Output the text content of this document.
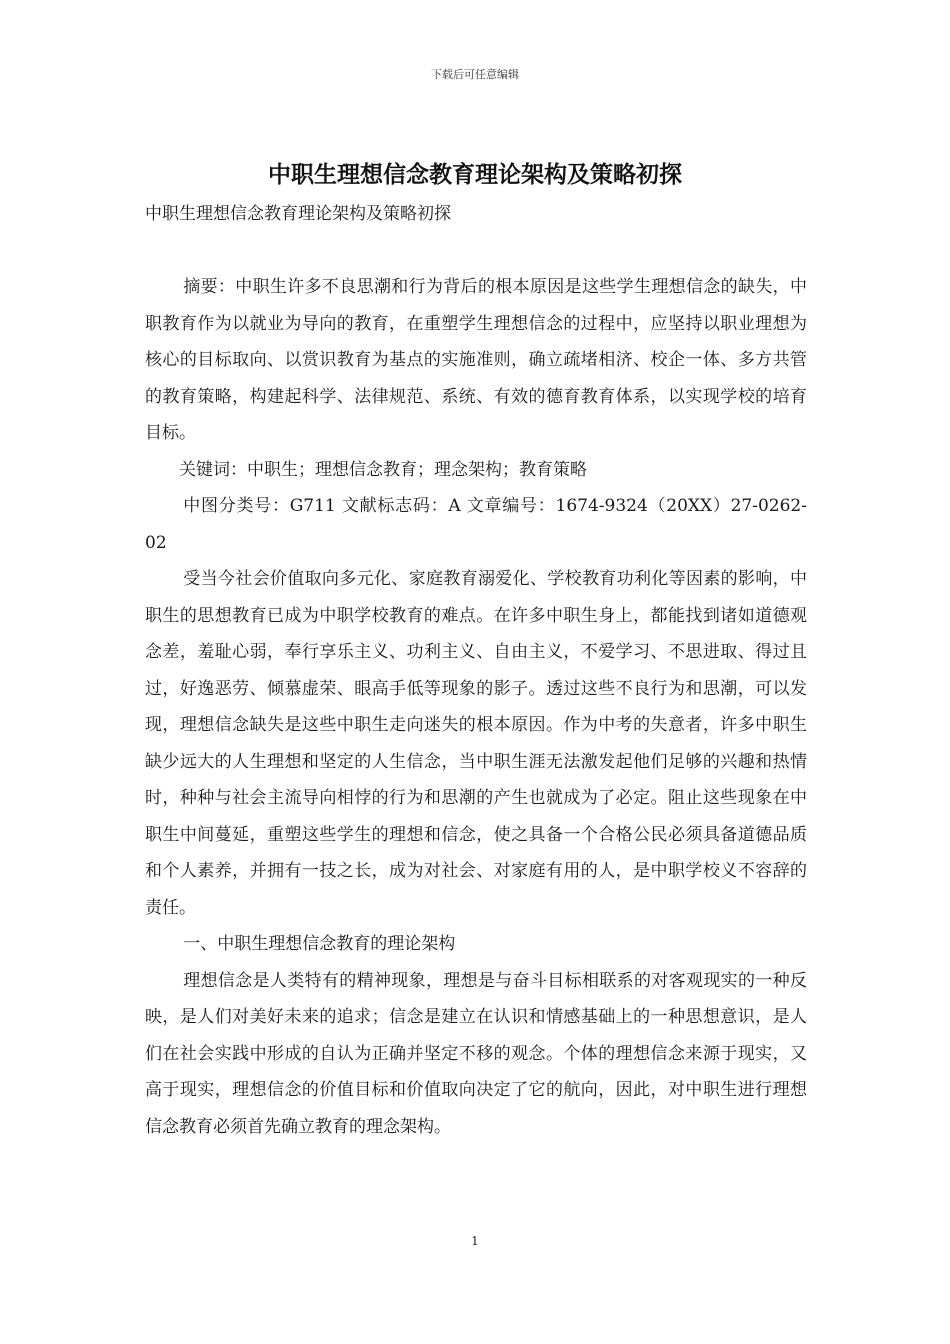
下载后可任意编辑
中职生理想信念教育理论架构及策略初探

中职生理想信念教育理论架构及策略初探

摘要：中职生许多不良思潮和行为背后的根本原因是这些学生理想信念的缺失，中职教育作为以就业为导向的教育，在重塑学生理想信念的过程中，应坚持以职业理想为核心的目标取向、以赏识教育为基点的实施准则，确立疏堵相济、校企一体、多方共管的教育策略，构建起科学、法律规范、系统、有效的德育教育体系，以实现学校的培育目标。

关键词：中职生；理想信念教育；理念架构；教育策略

中图分类号：G711 文献标志码：A 文章编号：1674-9324（20XX）27-0262-02

受当今社会价值取向多元化、家庭教育溺爱化、学校教育功利化等因素的影响，中职生的思想教育已成为中职学校教育的难点。在许多中职生身上，都能找到诸如道德观念差，羞耻心弱，奉行享乐主义、功利主义、自由主义，不爱学习、不思进取、得过且过，好逸恶劳、倾慕虚荣、眼高手低等现象的影子。透过这些不良行为和思潮，可以发现，理想信念缺失是这些中职生走向迷失的根本原因。作为中考的失意者，许多中职生缺少远大的人生理想和坚定的人生信念，当中职生涯无法激发起他们足够的兴趣和热情时，种种与社会主流导向相悖的行为和思潮的产生也就成为了必定。阻止这些现象在中职生中间蔓延，重塑这些学生的理想和信念，使之具备一个合格公民必须具备道德品质和个人素养，并拥有一技之长，成为对社会、对家庭有用的人，是中职学校义不容辞的责任。

一、中职生理想信念教育的理论架构

理想信念是人类特有的精神现象，理想是与奋斗目标相联系的对客观现实的一种反映，是人们对美好未来的追求；信念是建立在认识和情感基础上的一种思想意识，是人们在社会实践中形成的自认为正确并坚定不移的观念。个体的理想信念来源于现实，又高于现实，理想信念的价值目标和价值取向决定了它的航向，因此，对中职生进行理想信念教育必须首先确立教育的理念架构。

1
